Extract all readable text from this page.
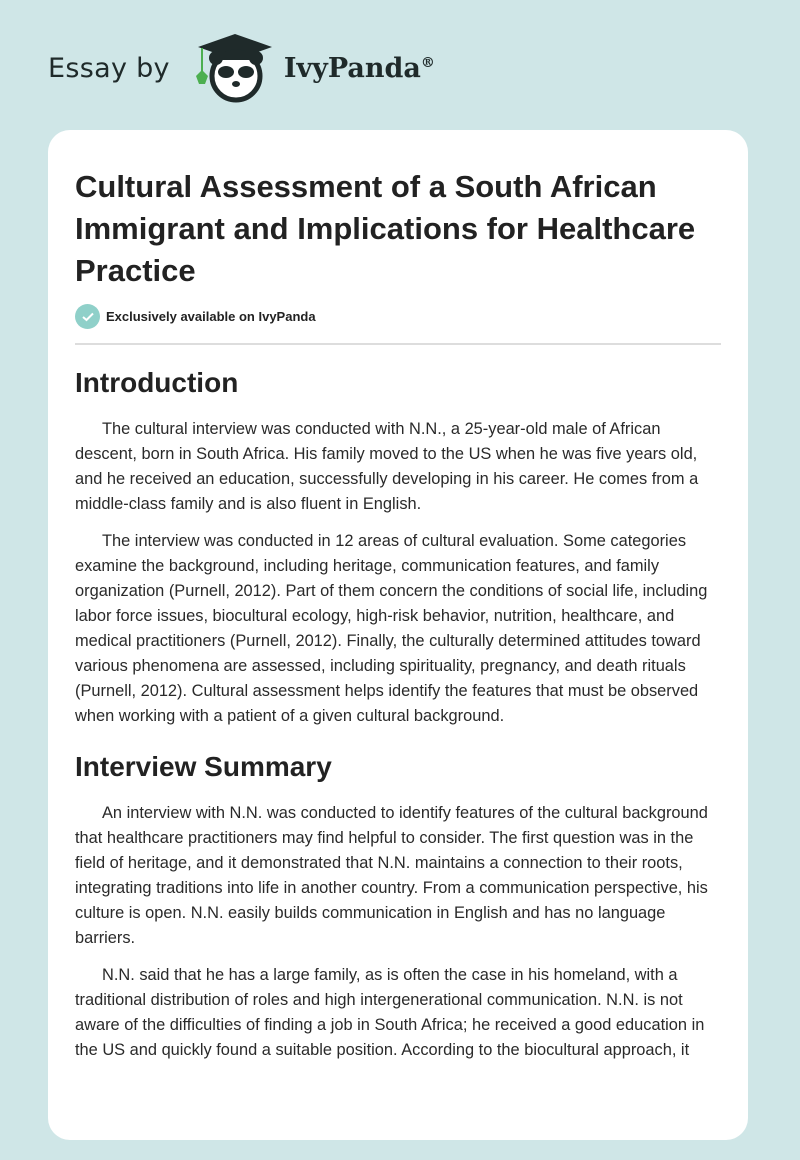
Essay by	IvyPanda®
Cultural Assessment of a South African Immigrant and Implications for Healthcare Practice
Exclusively available on IvyPanda
Introduction

The cultural interview was conducted with N.N., a 25-year-old male of African descent, born in South Africa. His family moved to the US when he was five years old, and he received an education, successfully developing in his career. He comes from a middle-class family and is also fluent in English.

The interview was conducted in 12 areas of cultural evaluation. Some categories examine the background, including heritage, communication features, and family organization (Purnell, 2012). Part of them concern the conditions of social life, including labor force issues, biocultural ecology, high-risk behavior, nutrition, healthcare, and medical practitioners (Purnell, 2012). Finally, the culturally determined attitudes toward various phenomena are assessed, including spirituality, pregnancy, and death rituals (Purnell, 2012). Cultural assessment helps identify the features that must be observed when working with a patient of a given cultural background.

Interview Summary

An interview with N.N. was conducted to identify features of the cultural background that healthcare practitioners may find helpful to consider. The first question was in the field of heritage, and it demonstrated that N.N. maintains a connection to their roots, integrating traditions into life in another country. From a communication perspective, his culture is open. N.N. easily builds communication in English and has no language barriers.

N.N. said that he has a large family, as is often the case in his homeland, with a traditional distribution of roles and high intergenerational communication. N.N. is not aware of the difficulties of finding a job in South Africa; he received a good education in the US and quickly found a suitable position. According to the biocultural approach, it
